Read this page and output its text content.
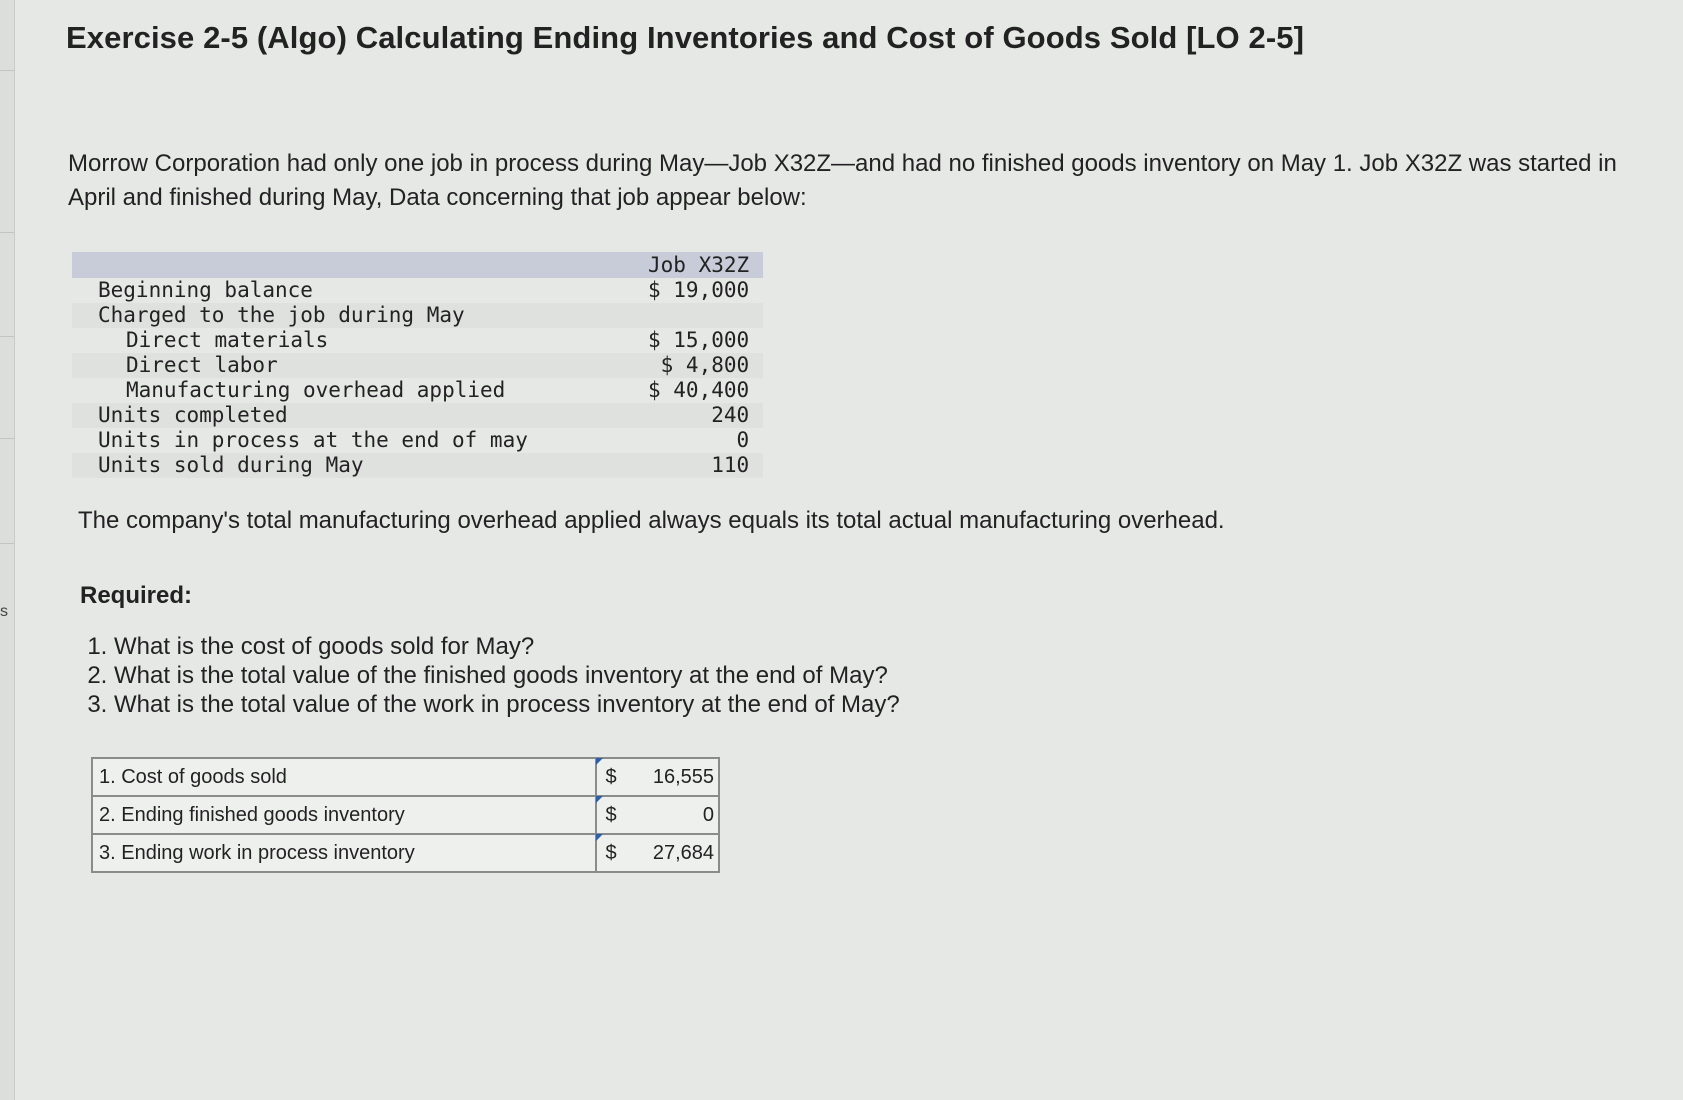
s
Exercise 2-5 (Algo) Calculating Ending Inventories and Cost of Goods Sold [LO 2-5]

Morrow Corporation had only one job in process during May—Job X32Z—and had no finished goods inventory on May 1. Job X32Z was started in April and finished during May, Data concerning that job appear below:

	Job X32Z
Beginning balance	$ 19,000
Charged to the job during May	
Direct materials	$ 15,000
Direct labor	$ 4,800
Manufacturing overhead applied	$ 40,400
Units completed	240
Units in process at the end of may	0
Units sold during May	110

The company's total manufacturing overhead applied always equals its total actual manufacturing overhead.

Required:
1. What is the cost of goods sold for May?
2. What is the total value of the finished goods inventory at the end of May?
3. What is the total value of the work in process inventory at the end of May?
1. Cost of goods sold	$	16,555
2. Ending finished goods inventory	$	0
3. Ending work in process inventory	$	27,684
